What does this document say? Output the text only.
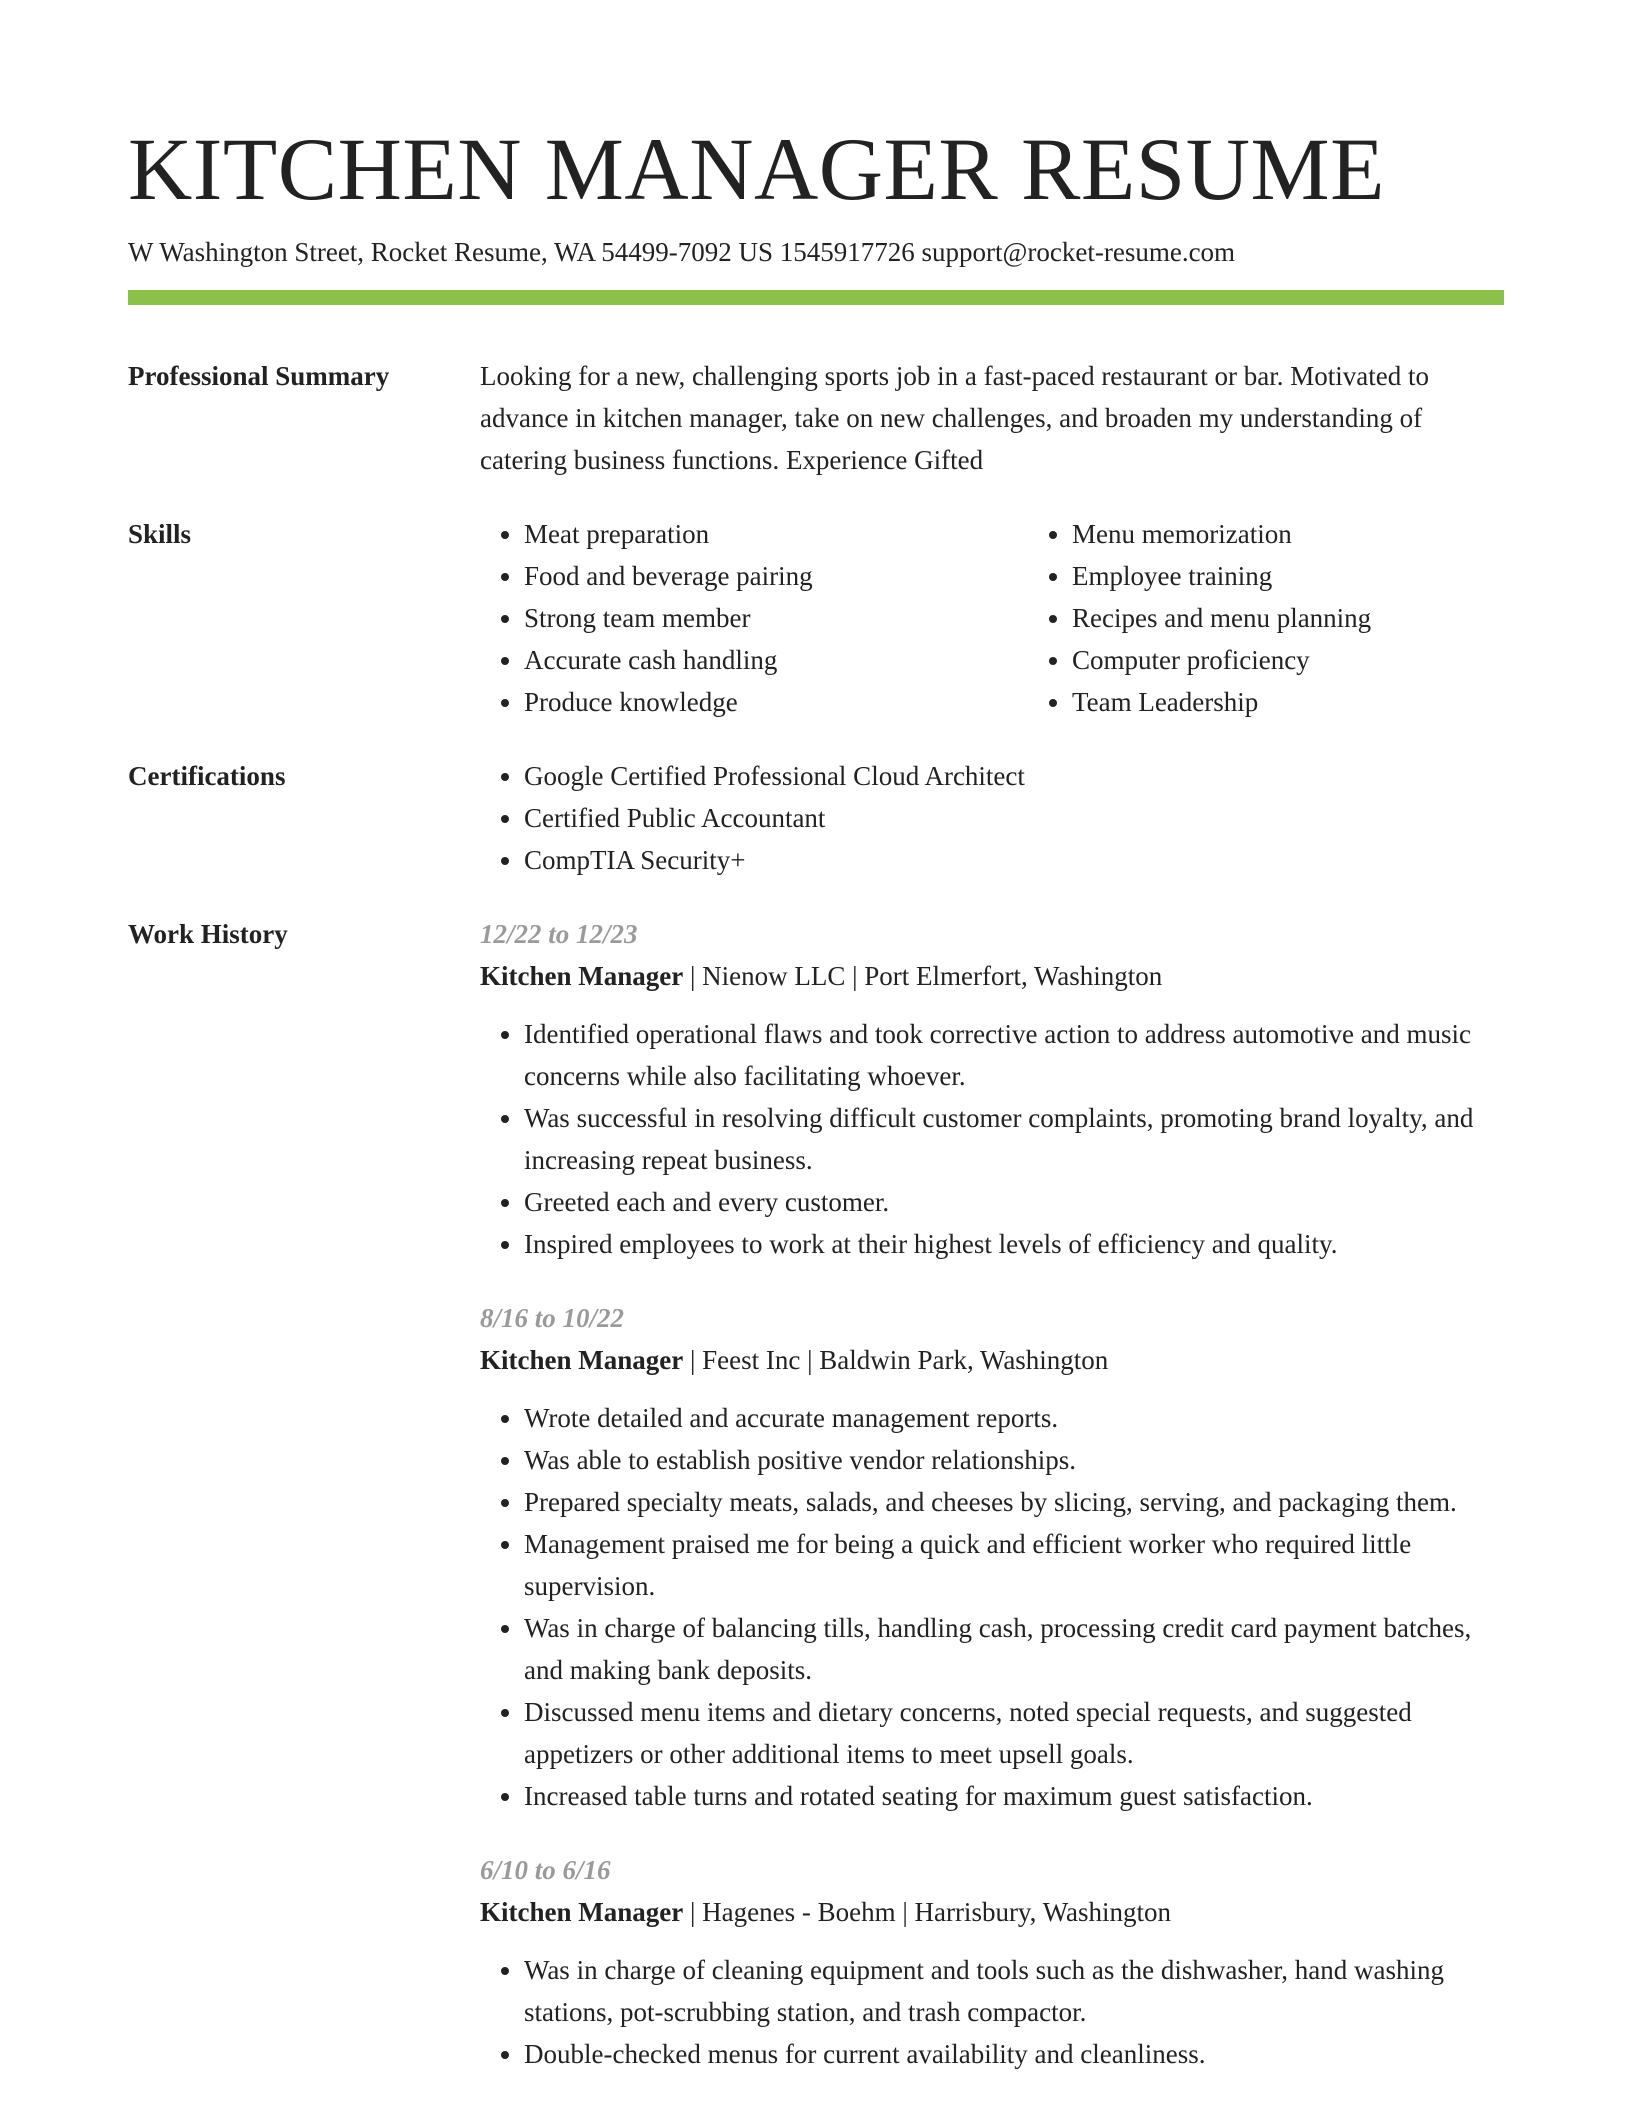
KITCHEN MANAGER RESUME
W Washington Street, Rocket Resume, WA 54499-7092 US 1545917726 support@rocket-resume.com
Professional Summary	Looking for a new, challenging sports job in a fast-paced restaurant or bar. Motivated to advance in kitchen manager, take on new challenges, and broaden my understanding of catering business functions. Experience Gifted
Skills	• Meat preparation
• Food and beverage pairing
• Strong team member
• Accurate cash handling
• Produce knowledge
• Menu memorization
• Employee training
• Recipes and menu planning
• Computer proficiency
• Team Leadership
Certifications	• Google Certified Professional Cloud Architect
• Certified Public Accountant
• CompTIA Security+
Work History	12/22 to 12/23
Kitchen Manager | Nienow LLC | Port Elmerfort, Washington
• Identified operational flaws and took corrective action to address automotive and music concerns while also facilitating whoever.
• Was successful in resolving difficult customer complaints, promoting brand loyalty, and increasing repeat business.
• Greeted each and every customer.
• Inspired employees to work at their highest levels of efficiency and quality.
8/16 to 10/22
Kitchen Manager | Feest Inc | Baldwin Park, Washington
• Wrote detailed and accurate management reports.
• Was able to establish positive vendor relationships.
• Prepared specialty meats, salads, and cheeses by slicing, serving, and packaging them.
• Management praised me for being a quick and efficient worker who required little supervision.
• Was in charge of balancing tills, handling cash, processing credit card payment batches, and making bank deposits.
• Discussed menu items and dietary concerns, noted special requests, and suggested appetizers or other additional items to meet upsell goals.
• Increased table turns and rotated seating for maximum guest satisfaction.
6/10 to 6/16
Kitchen Manager | Hagenes - Boehm | Harrisbury, Washington
• Was in charge of cleaning equipment and tools such as the dishwasher, hand washing stations, pot-scrubbing station, and trash compactor.
• Double-checked menus for current availability and cleanliness.
